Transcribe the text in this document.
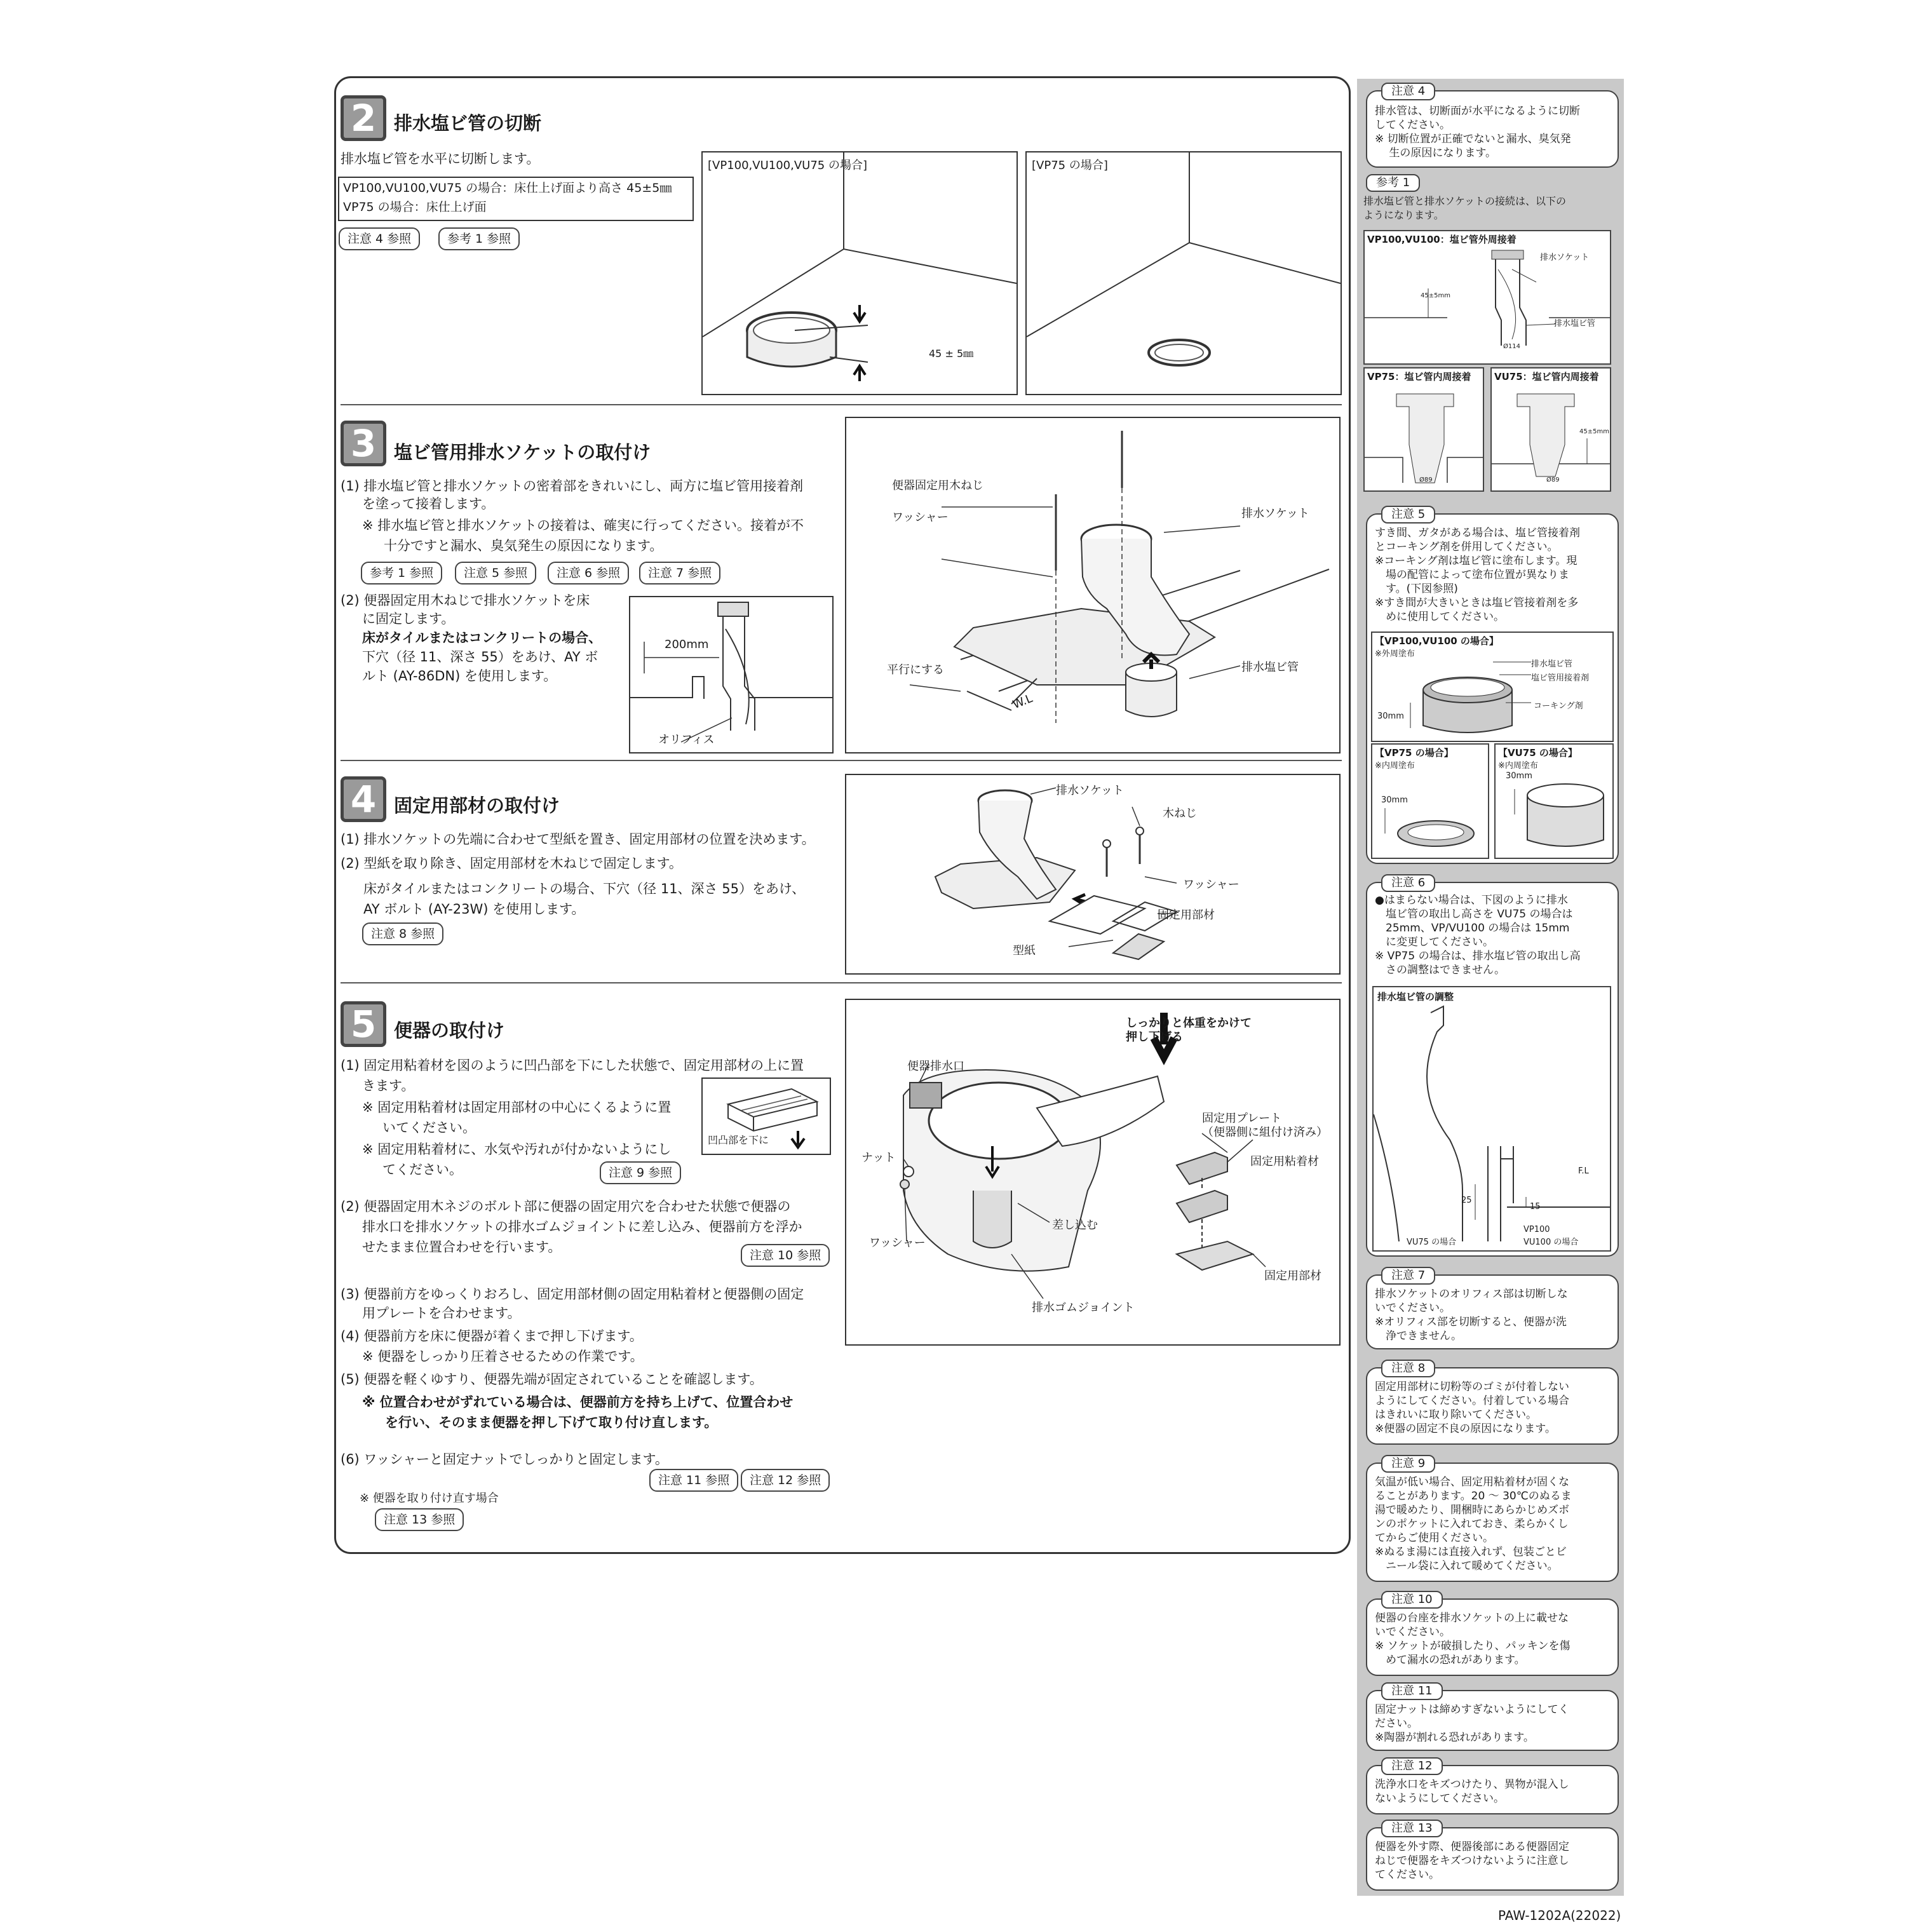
2 排水塩ビ管の切断
排水塩ビ管を水平に切断します。
VP100,VU100,VU75 の場合：床仕上げ面より高さ 45±5㎜
VP75 の場合：床仕上げ面
注意 4 参照	参考 1 参照
[VP100,VU100,VU75 の場合]
45 ± 5㎜
[VP75 の場合]
3 塩ビ管用排水ソケットの取付け
(1) 排水塩ビ管と排水ソケットの密着部をきれいにし、両方に塩ビ管用接着剤
を塗って接着します。
※ 排水塩ビ管と排水ソケットの接着は、確実に行ってください。接着が不
十分ですと漏水、臭気発生の原因になります。
参考 1 参照	注意 5 参照	注意 6 参照	注意 7 参照
(2) 便器固定用木ねじで排水ソケットを床
に固定します。
床がタイルまたはコンクリートの場合、
下穴（径 11、深さ 55）をあけ、AY ボ
ルト (AY-86DN) を使用します。
200mm
オリフィス
便器固定用木ねじ
ワッシャー	排水ソケット
平行にする	排水塩ビ管
W.L
4 固定用部材の取付け
(1) 排水ソケットの先端に合わせて型紙を置き、固定用部材の位置を決めます。
(2) 型紙を取り除き、固定用部材を木ねじで固定します。
床がタイルまたはコンクリートの場合、下穴（径 11、深さ 55）をあけ、
AY ボルト (AY-23W) を使用します。
注意 8 参照
排水ソケット
木ねじ
ワッシャー
固定用部材
型紙
5 便器の取付け
(1) 固定用粘着材を図のように凹凸部を下にした状態で、固定用部材の上に置
きます。
※ 固定用粘着材は固定用部材の中心にくるように置
いてください。
※ 固定用粘着材に、水気や汚れが付かないようにし
てください。	注意 9 参照
凹凸部を下に
(2) 便器固定用木ネジのボルト部に便器の固定用穴を合わせた状態で便器の
排水口を排水ソケットの排水ゴムジョイントに差し込み、便器前方を浮か
せたまま位置合わせを行います。
注意 10 参照
(3) 便器前方をゆっくりおろし、固定用部材側の固定用粘着材と便器側の固定
用プレートを合わせます。
(4) 便器前方を床に便器が着くまで押し下げます。
※ 便器をしっかり圧着させるための作業です。
(5) 便器を軽くゆすり、便器先端が固定されていることを確認します。
※ 位置合わせがずれている場合は、便器前方を持ち上げて、位置合わせ
を行い、そのまま便器を押し下げて取り付け直します。
(6) ワッシャーと固定ナットでしっかりと固定します。
注意 11 参照	注意 12 参照
※ 便器を取り付け直す場合
注意 13 参照
しっかりと体重をかけて
押し下げる
便器排水口
固定用プレート
（便器側に組付け済み）
固定用粘着材
ナット
差し込む
ワッシャー
固定用部材
排水ゴムジョイント
注意 4
排水管は、切断面が水平になるように切断
してください。
※ 切断位置が正確でないと漏水、臭気発
　 生の原因になります。
参考 1
排水塩ビ管と排水ソケットの接続は、以下の
ようになります。
VP100,VU100：塩ビ管外周接着
排水ソケット
排水塩ビ管
45±5mm
Ø114
VP75：塩ビ管内周接着
Ø89
VU75：塩ビ管内周接着
45±5mm
Ø89
注意 5
すき間、ガタがある場合は、塩ビ管接着剤
とコーキング剤を併用してください。
※コーキング剤は塩ビ管に塗布します。現
　場の配管によって塗布位置が異なりま
　す。(下図参照)
※すき間が大きいときは塩ビ管接着剤を多
　めに使用してください。
【VP100,VU100 の場合】
※外周塗布
排水塩ビ管
塩ビ管用接着剤
コーキング剤
30mm
【VP75 の場合】
※内周塗布
30mm
【VU75 の場合】
※内周塗布
30mm
注意 6
●はまらない場合は、下図のように排水
　塩ビ管の取出し高さを VU75 の場合は
　25mm、VP/VU100 の場合は 15mm
　に変更してください。
※ VP75 の場合は、排水塩ビ管の取出し高
　さの調整はできません。
排水塩ビ管の調整
F.L
25
15
VP100
VU100 の場合
VU75 の場合
注意 7
排水ソケットのオリフィス部は切断しな
いでください。
※オリフィス部を切断すると、便器が洗
　浄できません。
注意 8
固定用部材に切粉等のゴミが付着しない
ようにしてください。付着している場合
はきれいに取り除いてください。
※便器の固定不良の原因になります。
注意 9
気温が低い場合、固定用粘着材が固くな
ることがあります。20 ～ 30℃のぬるま
湯で暖めたり、開梱時にあらかじめズボ
ンのポケットに入れておき、柔らかくし
てからご使用ください。
※ぬるま湯には直接入れず、包装ごとビ
　ニール袋に入れて暖めてください。
注意 10
便器の台座を排水ソケットの上に載せな
いでください。
※ ソケットが破損したり、パッキンを傷
　めて漏水の恐れがあります。
注意 11
固定ナットは締めすぎないようにしてく
ださい。
※陶器が割れる恐れがあります。
注意 12
洗浄水口をキズつけたり、異物が混入し
ないようにしてください。
注意 13
便器を外す際、便器後部にある便器固定
ねじで便器をキズつけないように注意し
てください。
PAW-1202A(22022)
